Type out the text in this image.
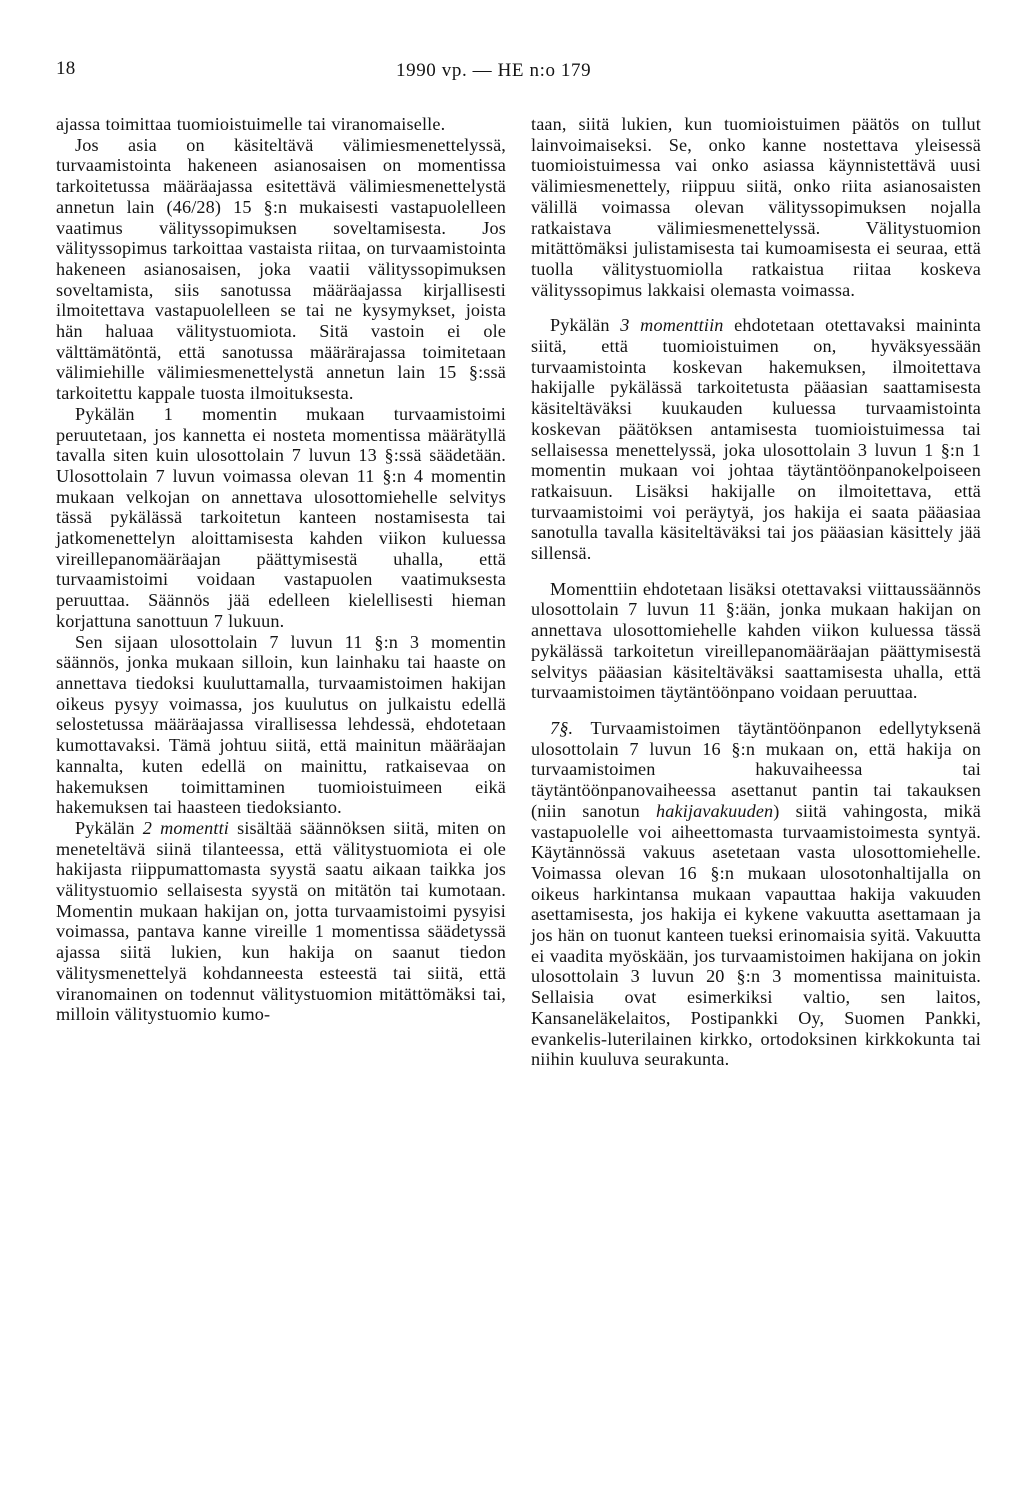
18	1990 vp. — HE n:o 179

ajassa toimittaa tuomioistuimelle tai viranomaiselle.

Jos asia on käsiteltävä välimiesmenettelyssä, turvaamistointa hakeneen asianosaisen on momentissa tarkoitetussa määräajassa esitettävä välimiesmenettelystä annetun lain (46/28) 15 §:n mukaisesti vastapuolelleen vaatimus välityssopimuksen soveltamisesta. Jos välityssopimus tarkoittaa vastaista riitaa, on turvaamistointa hakeneen asianosaisen, joka vaatii välityssopimuksen soveltamista, siis sanotussa määräajassa kirjallisesti ilmoitettava vastapuolelleen se tai ne kysymykset, joista hän haluaa välitystuomiota. Sitä vastoin ei ole välttämätöntä, että sanotussa määrärajassa toimitetaan välimiehille välimiesmenettelystä annetun lain 15 §:ssä tarkoitettu kappale tuosta ilmoituksesta.

Pykälän 1 momentin mukaan turvaamistoimi peruutetaan, jos kannetta ei nosteta momentissa määrätyllä tavalla siten kuin ulosottolain 7 luvun 13 §:ssä säädetään. Ulosottolain 7 luvun voimassa olevan 11 §:n 4 momentin mukaan velkojan on annettava ulosottomiehelle selvitys tässä pykälässä tarkoitetun kanteen nostamisesta tai jatkomenettelyn aloittamisesta kahden viikon kuluessa vireillepanomääräajan päättymisestä uhalla, että turvaamistoimi voidaan vastapuolen vaatimuksesta peruuttaa. Säännös jää edelleen kielellisesti hieman korjattuna sanottuun 7 lukuun.

Sen sijaan ulosottolain 7 luvun 11 §:n 3 momentin säännös, jonka mukaan silloin, kun lainhaku tai haaste on annettava tiedoksi kuuluttamalla, turvaamistoimen hakijan oikeus pysyy voimassa, jos kuulutus on julkaistu edellä selostetussa määräajassa virallisessa lehdessä, ehdotetaan kumottavaksi. Tämä johtuu siitä, että mainitun määräajan kannalta, kuten edellä on mainittu, ratkaisevaa on hakemuksen toimittaminen tuomioistuimeen eikä hakemuksen tai haasteen tiedoksianto.

Pykälän 2 momentti sisältää säännöksen siitä, miten on meneteltävä siinä tilanteessa, että välitystuomiota ei ole hakijasta riippumattomasta syystä saatu aikaan taikka jos välitystuomio sellaisesta syystä on mitätön tai kumotaan. Momentin mukaan hakijan on, jotta turvaamistoimi pysyisi voimassa, pantava kanne vireille 1 momentissa säädetyssä ajassa siitä lukien, kun hakija on saanut tiedon välitysmenettelyä kohdanneesta esteestä tai siitä, että viranomainen on todennut välitystuomion mitättömäksi tai, milloin välitystuomio kumo-

taan, siitä lukien, kun tuomioistuimen päätös on tullut lainvoimaiseksi. Se, onko kanne nostettava yleisessä tuomioistuimessa vai onko asiassa käynnistettävä uusi välimiesmenettely, riippuu siitä, onko riita asianosaisten välillä voimassa olevan välityssopimuksen nojalla ratkaistava välimiesmenettelyssä. Välitystuomion mitättömäksi julistamisesta tai kumoamisesta ei seuraa, että tuolla välitystuomiolla ratkaistua riitaa koskeva välityssopimus lakkaisi olemasta voimassa.

Pykälän 3 momenttiin ehdotetaan otettavaksi maininta siitä, että tuomioistuimen on, hyväksyessään turvaamistointa koskevan hakemuksen, ilmoitettava hakijalle pykälässä tarkoitetusta pääasian saattamisesta käsiteltäväksi kuukauden kuluessa turvaamistointa koskevan päätöksen antamisesta tuomioistuimessa tai sellaisessa menettelyssä, joka ulosottolain 3 luvun 1 §:n 1 momentin mukaan voi johtaa täytäntöönpanokelpoiseen ratkaisuun. Lisäksi hakijalle on ilmoitettava, että turvaamistoimi voi peräytyä, jos hakija ei saata pääasiaa sanotulla tavalla käsiteltäväksi tai jos pääasian käsittely jää sillensä.

Momenttiin ehdotetaan lisäksi otettavaksi viittaussäännös ulosottolain 7 luvun 11 §:ään, jonka mukaan hakijan on annettava ulosottomiehelle kahden viikon kuluessa tässä pykälässä tarkoitetun vireillepanomääräajan päättymisestä selvitys pääasian käsiteltäväksi saattamisesta uhalla, että turvaamistoimen täytäntöönpano voidaan peruuttaa.

7§. Turvaamistoimen täytäntöönpanon edellytyksenä ulosottolain 7 luvun 16 §:n mukaan on, että hakija on turvaamistoimen hakuvaiheessa tai täytäntöönpanovaiheessa asettanut pantin tai takauksen (niin sanotun hakijavakuuden) siitä vahingosta, mikä vastapuolelle voi aiheettomasta turvaamistoimesta syntyä. Käytännössä vakuus asetetaan vasta ulosottomiehelle. Voimassa olevan 16 §:n mukaan ulosotonhaltijalla on oikeus harkintansa mukaan vapauttaa hakija vakuuden asettamisesta, jos hakija ei kykene vakuutta asettamaan ja jos hän on tuonut kanteen tueksi erinomaisia syitä. Vakuutta ei vaadita myöskään, jos turvaamistoimen hakijana on jokin ulosottolain 3 luvun 20 §:n 3 momentissa mainituista. Sellaisia ovat esimerkiksi valtio, sen laitos, Kansaneläkelaitos, Postipankki Oy, Suomen Pankki, evankelis-luterilainen kirkko, ortodoksinen kirkkokunta tai niihin kuuluva seurakunta.
